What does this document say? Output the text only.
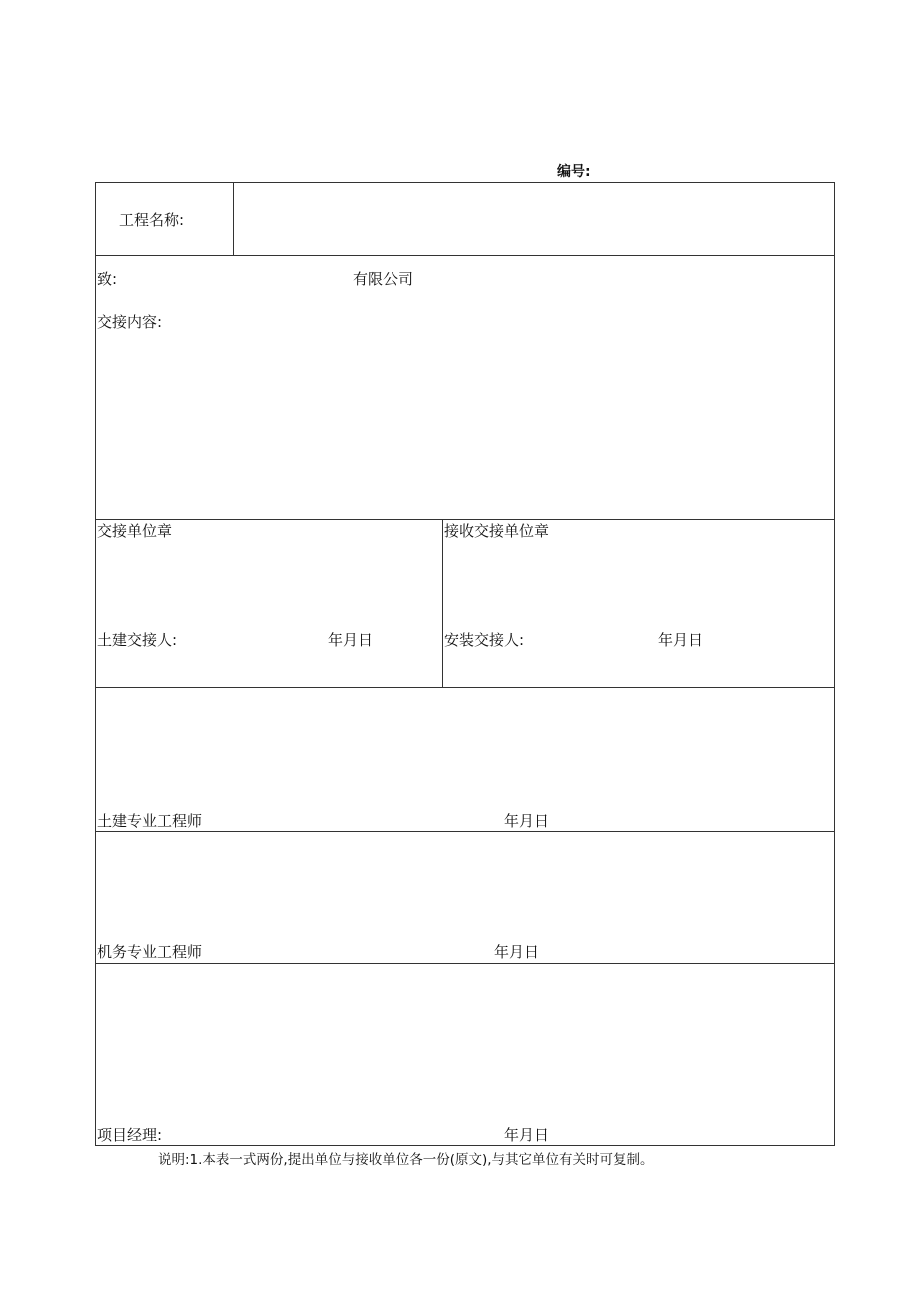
编号:
工程名称:
致:	有限公司
交接内容:
交接单位章	接收交接单位章
土建交接人:	年月日	安装交接人:	年月日
土建专业工程师	年月日
机务专业工程师	年月日
项目经理:	年月日
说明:1.本表一式两份,提出单位与接收单位各一份(原文),与其它单位有关时可复制。
